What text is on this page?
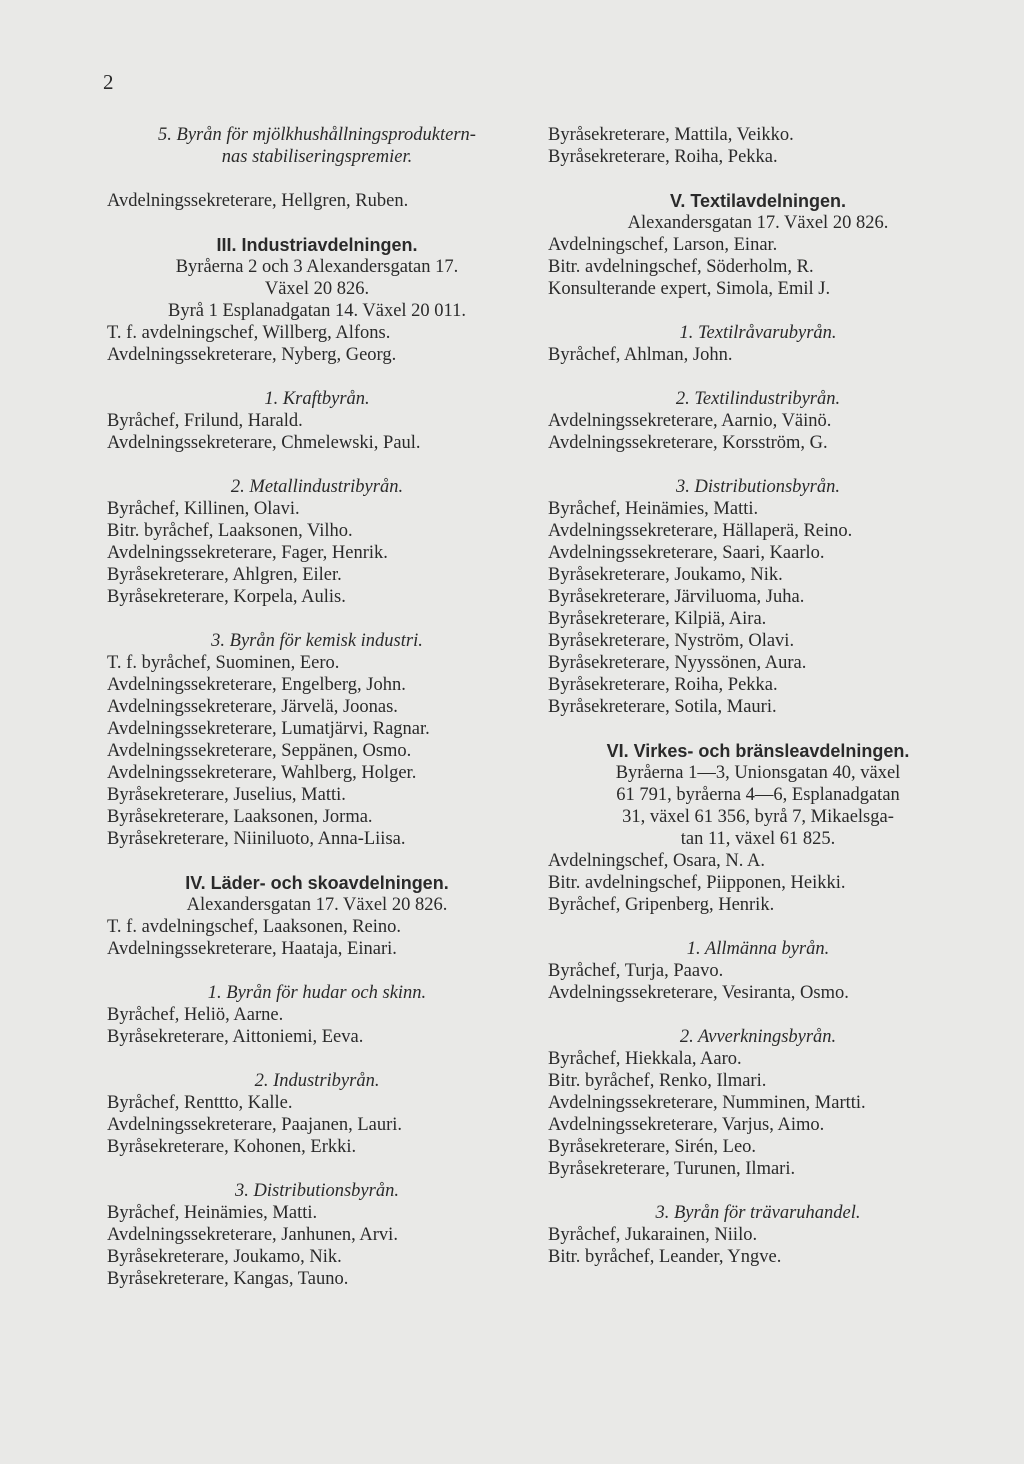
2
5. Byrån för mjölkhushållningsproduktern-
nas stabiliseringspremier.
Avdelningssekreterare, Hellgren, Ruben.
III. Industriavdelningen.
Byråerna 2 och 3 Alexandersgatan 17.
Växel 20 826.
Byrå 1 Esplanadgatan 14. Växel 20 011.
T. f. avdelningschef, Willberg, Alfons.
Avdelningssekreterare, Nyberg, Georg.
1. Kraftbyrån.
Byråchef, Frilund, Harald.
Avdelningssekreterare, Chmelewski, Paul.
2. Metallindustribyrån.
Byråchef, Killinen, Olavi.
Bitr. byråchef, Laaksonen, Vilho.
Avdelningssekreterare, Fager, Henrik.
Byråsekreterare, Ahlgren, Eiler.
Byråsekreterare, Korpela, Aulis.
3. Byrån för kemisk industri.
T. f. byråchef, Suominen, Eero.
Avdelningssekreterare, Engelberg, John.
Avdelningssekreterare, Järvelä, Joonas.
Avdelningssekreterare, Lumatjärvi, Ragnar.
Avdelningssekreterare, Seppänen, Osmo.
Avdelningssekreterare, Wahlberg, Holger.
Byråsekreterare, Juselius, Matti.
Byråsekreterare, Laaksonen, Jorma.
Byråsekreterare, Niiniluoto, Anna-Liisa.
IV. Läder- och skoavdelningen.
Alexandersgatan 17. Växel 20 826.
T. f. avdelningschef, Laaksonen, Reino.
Avdelningssekreterare, Haataja, Einari.
1. Byrån för hudar och skinn.
Byråchef, Heliö, Aarne.
Byråsekreterare, Aittoniemi, Eeva.
2. Industribyrån.
Byråchef, Renttto, Kalle.
Avdelningssekreterare, Paajanen, Lauri.
Byråsekreterare, Kohonen, Erkki.
3. Distributionsbyrån.
Byråchef, Heinämies, Matti.
Avdelningssekreterare, Janhunen, Arvi.
Byråsekreterare, Joukamo, Nik.
Byråsekreterare, Kangas, Tauno.
Byråsekreterare, Mattila, Veikko.
Byråsekreterare, Roiha, Pekka.
V. Textilavdelningen.
Alexandersgatan 17. Växel 20 826.
Avdelningschef, Larson, Einar.
Bitr. avdelningschef, Söderholm, R.
Konsulterande expert, Simola, Emil J.
1. Textilråvarubyrån.
Byråchef, Ahlman, John.
2. Textilindustribyrån.
Avdelningssekreterare, Aarnio, Väinö.
Avdelningssekreterare, Korsström, G.
3. Distributionsbyrån.
Byråchef, Heinämies, Matti.
Avdelningssekreterare, Hällaperä, Reino.
Avdelningssekreterare, Saari, Kaarlo.
Byråsekreterare, Joukamo, Nik.
Byråsekreterare, Järviluoma, Juha.
Byråsekreterare, Kilpiä, Aira.
Byråsekreterare, Nyström, Olavi.
Byråsekreterare, Nyyssönen, Aura.
Byråsekreterare, Roiha, Pekka.
Byråsekreterare, Sotila, Mauri.
VI. Virkes- och bränsleavdelningen.
Byråerna 1—3, Unionsgatan 40, växel
61 791, byråerna 4—6, Esplanadgatan
31, växel 61 356, byrå 7, Mikaelsga-
tan 11, växel 61 825.
Avdelningschef, Osara, N. A.
Bitr. avdelningschef, Piipponen, Heikki.
Byråchef, Gripenberg, Henrik.
1. Allmänna byrån.
Byråchef, Turja, Paavo.
Avdelningssekreterare, Vesiranta, Osmo.
2. Avverkningsbyrån.
Byråchef, Hiekkala, Aaro.
Bitr. byråchef, Renko, Ilmari.
Avdelningssekreterare, Numminen, Martti.
Avdelningssekreterare, Varjus, Aimo.
Byråsekreterare, Sirén, Leo.
Byråsekreterare, Turunen, Ilmari.
3. Byrån för trävaruhandel.
Byråchef, Jukarainen, Niilo.
Bitr. byråchef, Leander, Yngve.
